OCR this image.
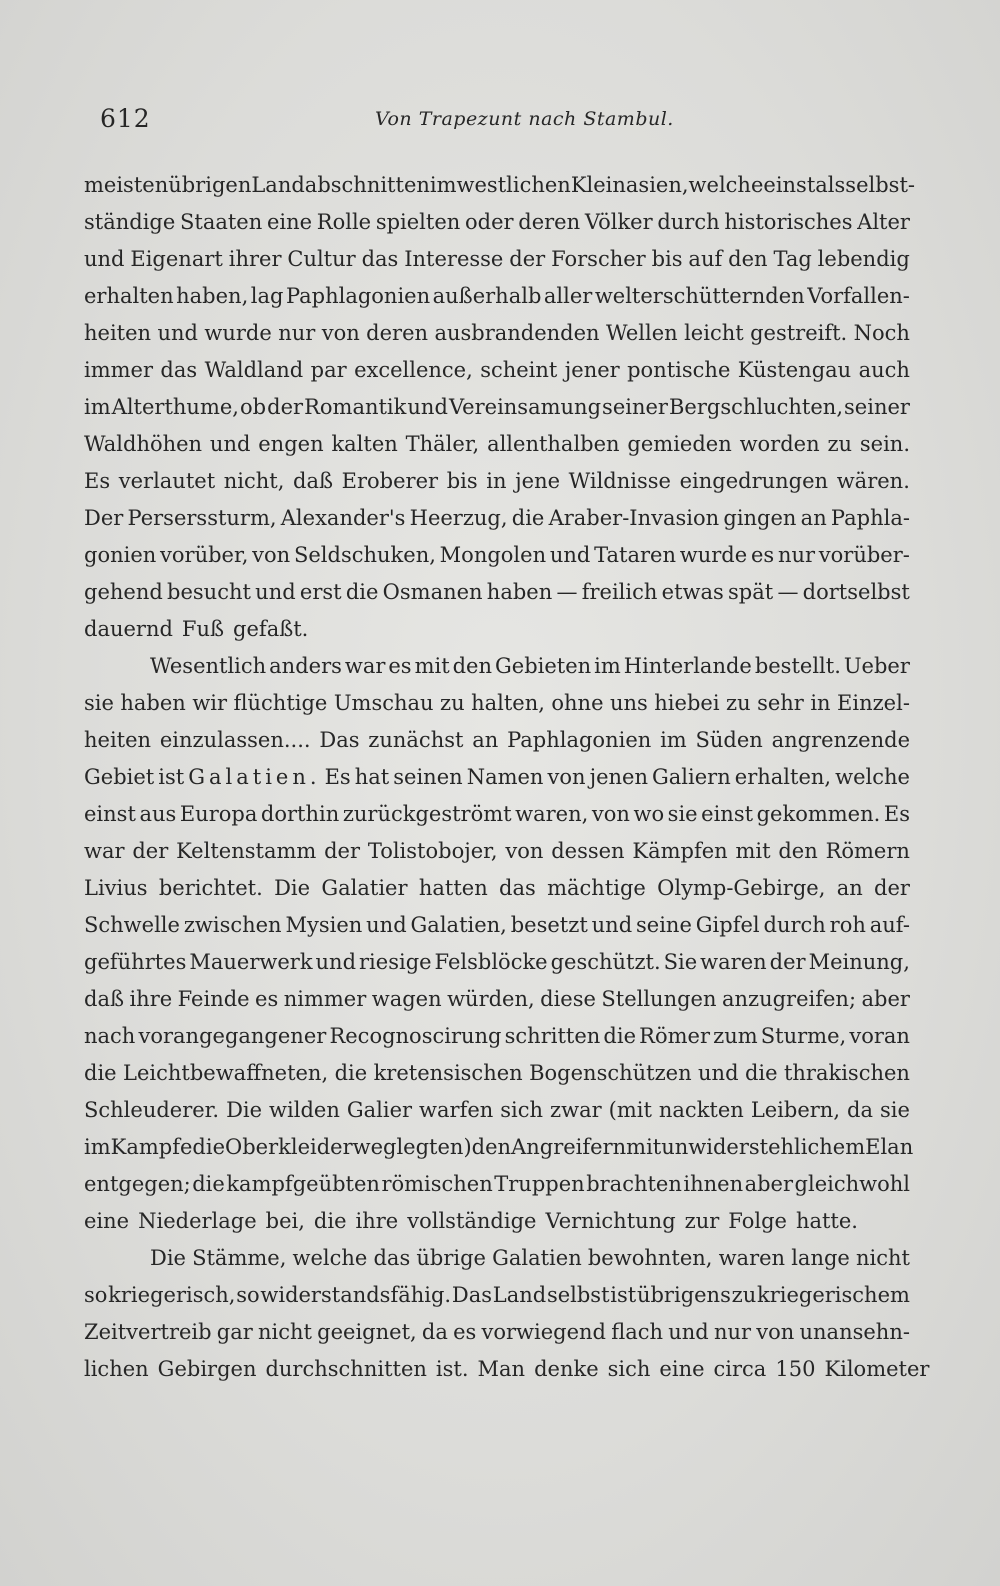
612	Von Trapezunt nach Stambul.
meisten übrigen Landabschnitten im westlichen Kleinasien, welche einst als selbst-
ständige Staaten eine Rolle spielten oder deren Völker durch historisches Alter
und Eigenart ihrer Cultur das Interesse der Forscher bis auf den Tag lebendig
erhalten haben, lag Paphlagonien außerhalb aller welterschütternden Vorfallen-
heiten und wurde nur von deren ausbrandenden Wellen leicht gestreift. Noch
immer das Waldland par excellence, scheint jener pontische Küstengau auch
im Alterthume, ob der Romantik und Vereinsamung seiner Bergschluchten, seiner
Waldhöhen und engen kalten Thäler, allenthalben gemieden worden zu sein.
Es verlautet nicht, daß Eroberer bis in jene Wildnisse eingedrungen wären.
Der Perserssturm, Alexander's Heerzug, die Araber-Invasion gingen an Paphla-
gonien vorüber, von Seldschuken, Mongolen und Tataren wurde es nur vorüber-
gehend besucht und erst die Osmanen haben — freilich etwas spät — dortselbst
dauernd Fuß gefaßt.
Wesentlich anders war es mit den Gebieten im Hinterlande bestellt. Ueber
sie haben wir flüchtige Umschau zu halten, ohne uns hiebei zu sehr in Einzel-
heiten einzulassen.... Das zunächst an Paphlagonien im Süden angrenzende
Gebiet ist Galatien. Es hat seinen Namen von jenen Galiern erhalten, welche
einst aus Europa dorthin zurückgeströmt waren, von wo sie einst gekommen. Es
war der Keltenstamm der Tolistobojer, von dessen Kämpfen mit den Römern
Livius berichtet. Die Galatier hatten das mächtige Olymp-Gebirge, an der
Schwelle zwischen Mysien und Galatien, besetzt und seine Gipfel durch roh auf-
geführtes Mauerwerk und riesige Felsblöcke geschützt. Sie waren der Meinung,
daß ihre Feinde es nimmer wagen würden, diese Stellungen anzugreifen; aber
nach vorangegangener Recognoscirung schritten die Römer zum Sturme, voran
die Leichtbewaffneten, die kretensischen Bogenschützen und die thrakischen
Schleuderer. Die wilden Galier warfen sich zwar (mit nackten Leibern, da sie
im Kampfe die Oberkleider weglegten) den Angreifern mit unwiderstehlichem Elan
entgegen; die kampfgeübten römischen Truppen brachten ihnen aber gleichwohl
eine Niederlage bei, die ihre vollständige Vernichtung zur Folge hatte.
Die Stämme, welche das übrige Galatien bewohnten, waren lange nicht
so kriegerisch, so widerstandsfähig. Das Land selbst ist übrigens zu kriegerischem
Zeitvertreib gar nicht geeignet, da es vorwiegend flach und nur von unansehn-
lichen Gebirgen durchschnitten ist. Man denke sich eine circa 150 Kilometer
